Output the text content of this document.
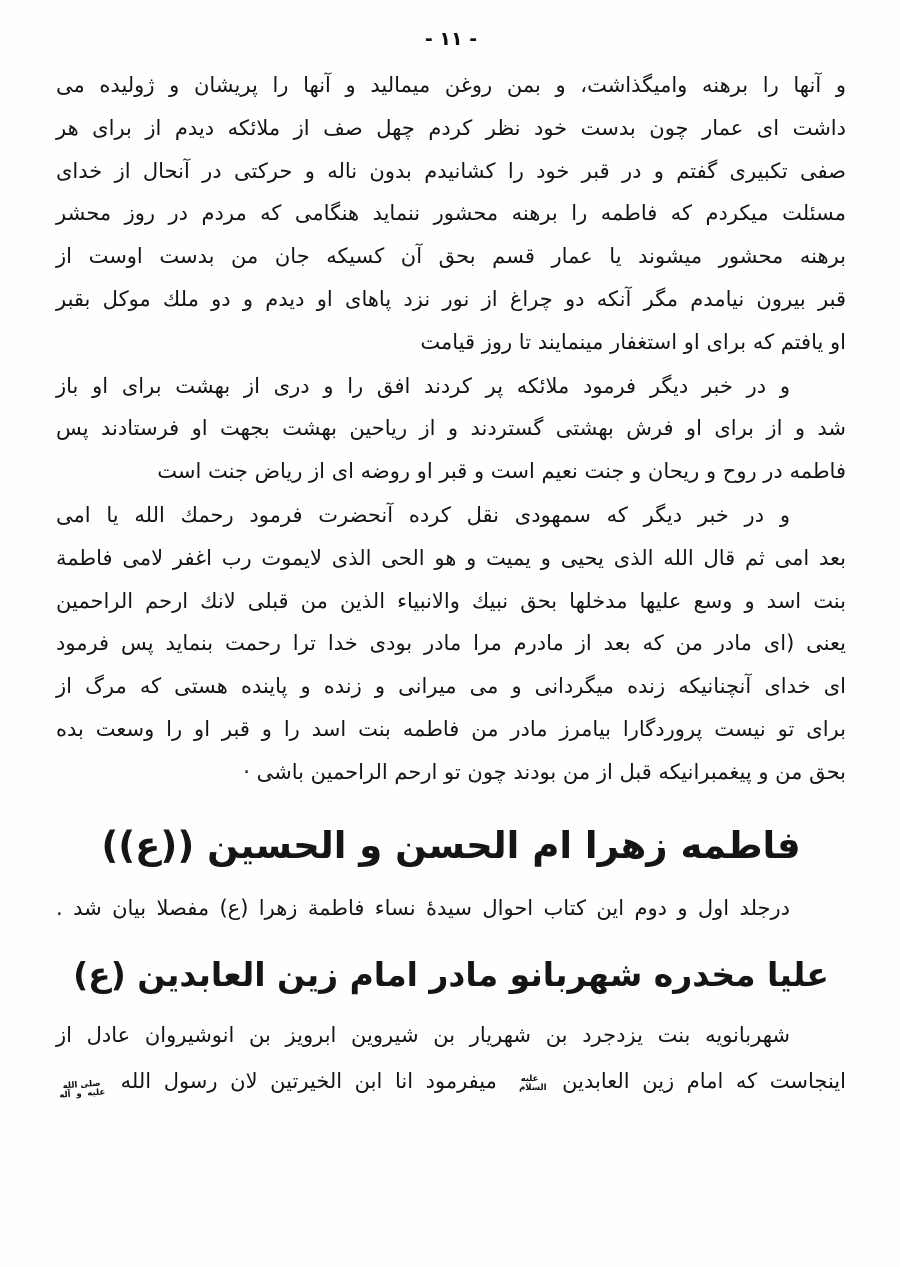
- ۱۱ -
و آنها را برهنه وامیگذاشت، و بمن روغن میمالید و آنها را پریشان و ژولیده می
داشت ای عمار چون بدست خود نظر کردم چهل صف از ملائکه دیدم از برای هر
صفی تکبیری گفتم و در قبر خود را کشانیدم بدون ناله و حرکتی در آنحال از خدای
مسئلت میکردم که فاطمه را برهنه محشور ننماید هنگامی که مردم در روز محشر
برهنه محشور میشوند یا عمار قسم بحق آن کسیکه جان من بدست اوست از
قبر بیرون نیامدم مگر آنکه دو چراغ از نور نزد پاهای او دیدم و دو ملك موکل بقبر
او یافتم که برای او استغفار مینمایند تا روز قیامت
و در خبر دیگر فرمود ملائکه پر کردند افق را و دری از بهشت برای او باز
شد و از برای او فرش بهشتی گستردند و از ریاحین بهشت بجهت او فرستادند پس
فاطمه در روح و ریحان و جنت نعیم است و قبر او روضه ای از ریاض جنت است
و در خبر دیگر که سمهودی نقل کرده آنحضرت فرمود رحمك الله یا امی
بعد امی ثم قال الله الذی یحیی و یمیت و هو الحی الذی لایموت رب اغفر لامی فاطمة
بنت اسد و وسع علیها مدخلها بحق نبیك والانبیاء الذین من قبلی لانك ارحم الراحمین
یعنی (ای مادر من که بعد از مادرم مرا مادر بودی خدا ترا رحمت بنماید پس فرمود
ای خدای آنچنانیکه زنده میگردانی و می میرانی و زنده و پاینده هستی که مرگ از
برای تو نیست پروردگارا بیامرز مادر من فاطمه بنت اسد را و قبر او را وسعت بده
بحق من و پیغمبرانیکه قبل از من بودند چون تو ارحم الراحمین باشی ·
فاطمه زهرا ام الحسن و الحسین ((ع))
درجلد اول و دوم این کتاب احوال سیدهٔ نساء فاطمة زهرا (ع) مفصلا بیان شد .
علیا مخدره شهربانو مادر امام زین العابدین (ع)
شهربانویه بنت یزدجرد بن شهریار بن شیروین ابرویز بن انوشیروان عادل از
اینجاست که امام زین العابدین علیه السلام میفرمود انا ابن الخیرتین لان رسول الله صلی الله علیه و آله
